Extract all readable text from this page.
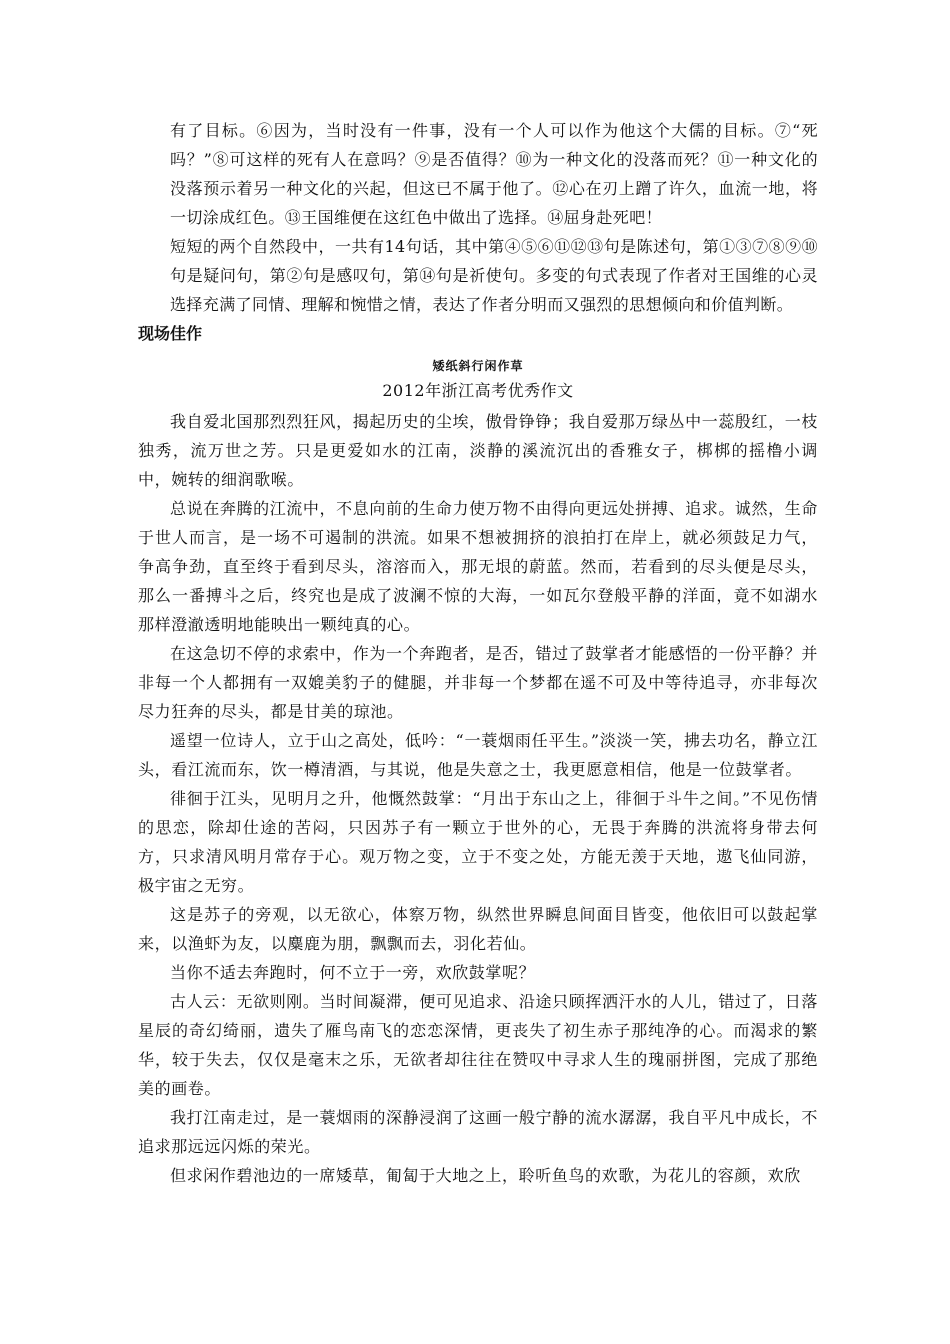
有了目标。⑥因为，当时没有一件事，没有一个人可以作为他这个大儒的目标。⑦“死吗？”⑧可这样的死有人在意吗？⑨是否值得？⑩为一种文化的没落而死？⑪一种文化的没落预示着另一种文化的兴起，但这已不属于他了。⑫心在刃上蹭了许久，血流一地，将一切涂成红色。⑬王国维便在这红色中做出了选择。⑭屈身赴死吧！

短短的两个自然段中，一共有14句话，其中第④⑤⑥⑪⑫⑬句是陈述句，第①③⑦⑧⑨⑩句是疑问句，第②句是感叹句，第⑭句是祈使句。多变的句式表现了作者对王国维的心灵选择充满了同情、理解和惋惜之情，表达了作者分明而又强烈的思想倾向和价值判断。

现场佳作
矮纸斜行闲作草
2012年浙江高考优秀作文

我自爱北国那烈烈狂风，揭起历史的尘埃，傲骨铮铮；我自爱那万绿丛中一蕊殷红，一枝独秀，流万世之芳。只是更爱如水的江南，淡静的溪流沉出的香雅女子，梆梆的摇橹小调中，婉转的细润歌喉。

总说在奔腾的江流中，不息向前的生命力使万物不由得向更远处拼搏、追求。诚然，生命于世人而言，是一场不可遏制的洪流。如果不想被拥挤的浪拍打在岸上，就必须鼓足力气，争高争劲，直至终于看到尽头，溶溶而入，那无垠的蔚蓝。然而，若看到的尽头便是尽头，那么一番搏斗之后，终究也是成了波澜不惊的大海，一如瓦尔登般平静的洋面，竟不如湖水那样澄澈透明地能映出一颗纯真的心。

在这急切不停的求索中，作为一个奔跑者，是否，错过了鼓掌者才能感悟的一份平静？并非每一个人都拥有一双媲美豹子的健腿，并非每一个梦都在遥不可及中等待追寻，亦非每次尽力狂奔的尽头，都是甘美的琼池。

遥望一位诗人，立于山之高处，低吟：“一蓑烟雨任平生。”淡淡一笑，拂去功名，静立江头，看江流而东，饮一樽清酒，与其说，他是失意之士，我更愿意相信，他是一位鼓掌者。

徘徊于江头，见明月之升，他慨然鼓掌：“月出于东山之上，徘徊于斗牛之间。”不见伤情的思恋，除却仕途的苦闷，只因苏子有一颗立于世外的心，无畏于奔腾的洪流将身带去何方，只求清风明月常存于心。观万物之变，立于不变之处，方能无羡于天地，遨飞仙同游，极宇宙之无穷。

这是苏子的旁观，以无欲心，体察万物，纵然世界瞬息间面目皆变，他依旧可以鼓起掌来，以渔虾为友，以麋鹿为朋，飘飘而去，羽化若仙。

当你不适去奔跑时，何不立于一旁，欢欣鼓掌呢？

古人云：无欲则刚。当时间凝滞，便可见追求、沿途只顾挥洒汗水的人儿，错过了，日落星辰的奇幻绮丽，遗失了雁鸟南飞的恋恋深情，更丧失了初生赤子那纯净的心。而渴求的繁华，较于失去，仅仅是毫末之乐，无欲者却往往在赞叹中寻求人生的瑰丽拼图，完成了那绝美的画卷。

我打江南走过，是一蓑烟雨的深静浸润了这画一般宁静的流水潺潺，我自平凡中成长，不追求那远远闪烁的荣光。

但求闲作碧池边的一席矮草，匍匐于大地之上，聆听鱼鸟的欢歌，为花儿的容颜，欢欣
